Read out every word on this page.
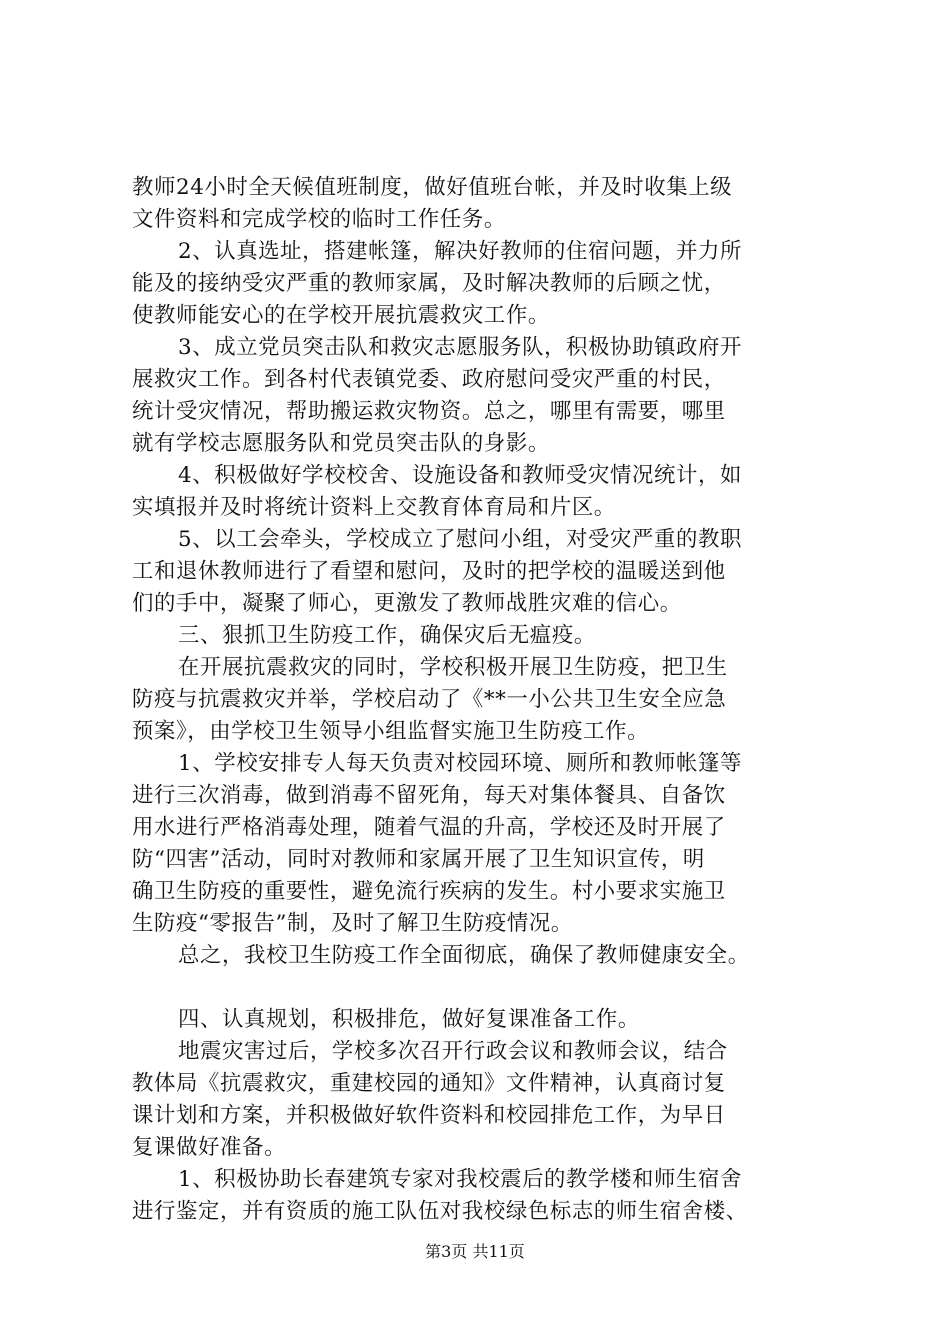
教师24小时全天候值班制度，做好值班台帐，并及时收集上级
文件资料和完成学校的临时工作任务。
2、认真选址，搭建帐篷，解决好教师的住宿问题，并力所
能及的接纳受灾严重的教师家属，及时解决教师的后顾之忧，
使教师能安心的在学校开展抗震救灾工作。
3、成立党员突击队和救灾志愿服务队，积极协助镇政府开
展救灾工作。到各村代表镇党委、政府慰问受灾严重的村民，
统计受灾情况，帮助搬运救灾物资。总之，哪里有需要，哪里
就有学校志愿服务队和党员突击队的身影。
4、积极做好学校校舍、设施设备和教师受灾情况统计，如
实填报并及时将统计资料上交教育体育局和片区。
5、以工会牵头，学校成立了慰问小组，对受灾严重的教职
工和退休教师进行了看望和慰问，及时的把学校的温暖送到他
们的手中，凝聚了师心，更激发了教师战胜灾难的信心。
三、狠抓卫生防疫工作，确保灾后无瘟疫。
在开展抗震救灾的同时，学校积极开展卫生防疫，把卫生
防疫与抗震救灾并举，学校启动了《**一小公共卫生安全应急
预案》，由学校卫生领导小组监督实施卫生防疫工作。
1、学校安排专人每天负责对校园环境、厕所和教师帐篷等
进行三次消毒，做到消毒不留死角，每天对集体餐具、自备饮
用水进行严格消毒处理，随着气温的升高，学校还及时开展了
防“四害”活动，同时对教师和家属开展了卫生知识宣传，明
确卫生防疫的重要性，避免流行疾病的发生。村小要求实施卫
生防疫“零报告”制，及时了解卫生防疫情况。
总之，我校卫生防疫工作全面彻底，确保了教师健康安全。
四、认真规划，积极排危，做好复课准备工作。
地震灾害过后，学校多次召开行政会议和教师会议，结合
教体局《抗震救灾，重建校园的通知》文件精神，认真商讨复
课计划和方案，并积极做好软件资料和校园排危工作，为早日
复课做好准备。
1、积极协助长春建筑专家对我校震后的教学楼和师生宿舍
进行鉴定，并有资质的施工队伍对我校绿色标志的师生宿舍楼、
第3页 共11页
